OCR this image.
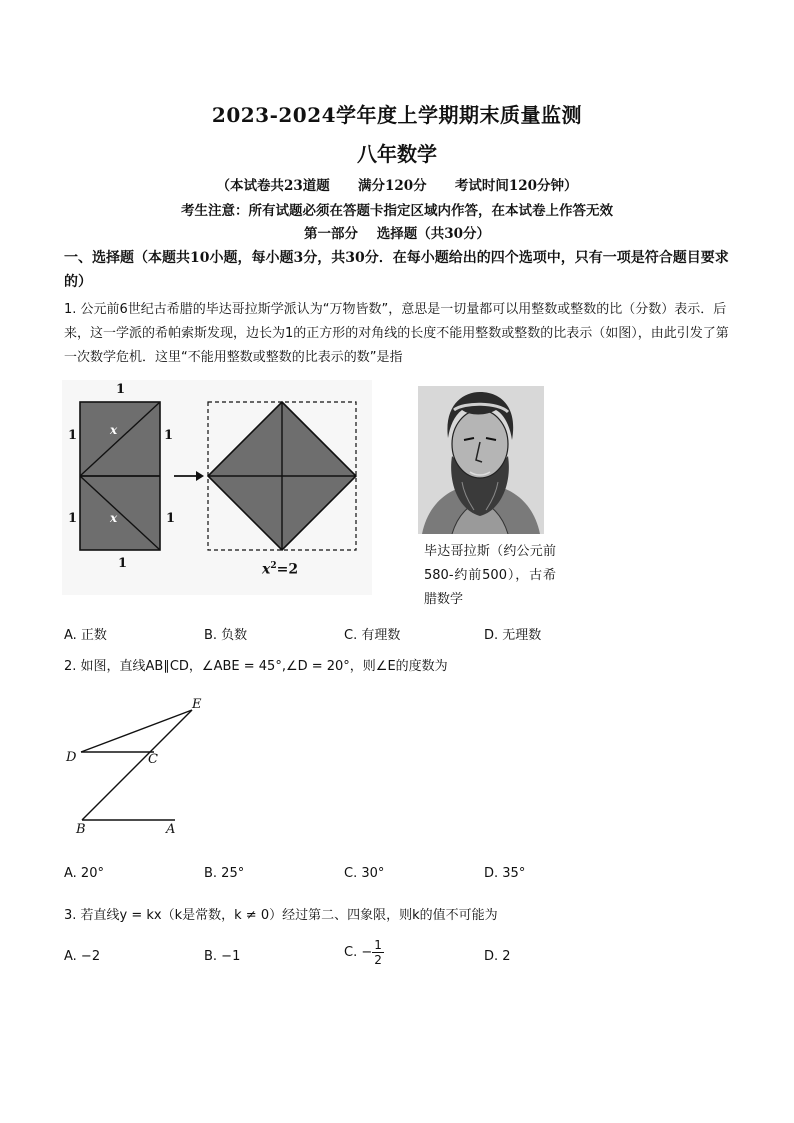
2023-2024学年度上学期期末质量监测
八年数学
（本试卷共23道题      满分120分      考试时间120分钟）
考生注意：所有试题必须在答题卡指定区域内作答，在本试卷上作答无效
第一部分    选择题（共30分）
一、选择题（本题共10小题，每小题3分，共30分．在每小题给出的四个选项中，只有一项是符合题目要求的）
1. 公元前6世纪古希腊的毕达哥拉斯学派认为“万物皆数”，意思是一切量都可以用整数或整数的比（分数）表示．后来，这一学派的希帕索斯发现，边长为1的正方形的对角线的长度不能用整数或整数的比表示（如图），由此引发了第一次数学危机．这里“不能用整数或整数的比表示的数”是指
1
1	1
1	1
1
x
x
$x^2=2$
毕达哥拉斯（约公元前 580-约前500），古希腊数学
A. 正数	B. 负数	C. 有理数	D. 无理数
2. 如图，直线AB∥CD，∠ABE = 45°,∠D = 20°，则∠E的度数为
E
D	C
B	A
A. 20°	B. 25°	C. 30°	D. 35°
3. 若直线y = kx（k是常数，k ≠ 0）经过第二、四象限，则k的值不可能为
A. −2	B. −1	C. − $\frac{1}{2}$	D. 2
